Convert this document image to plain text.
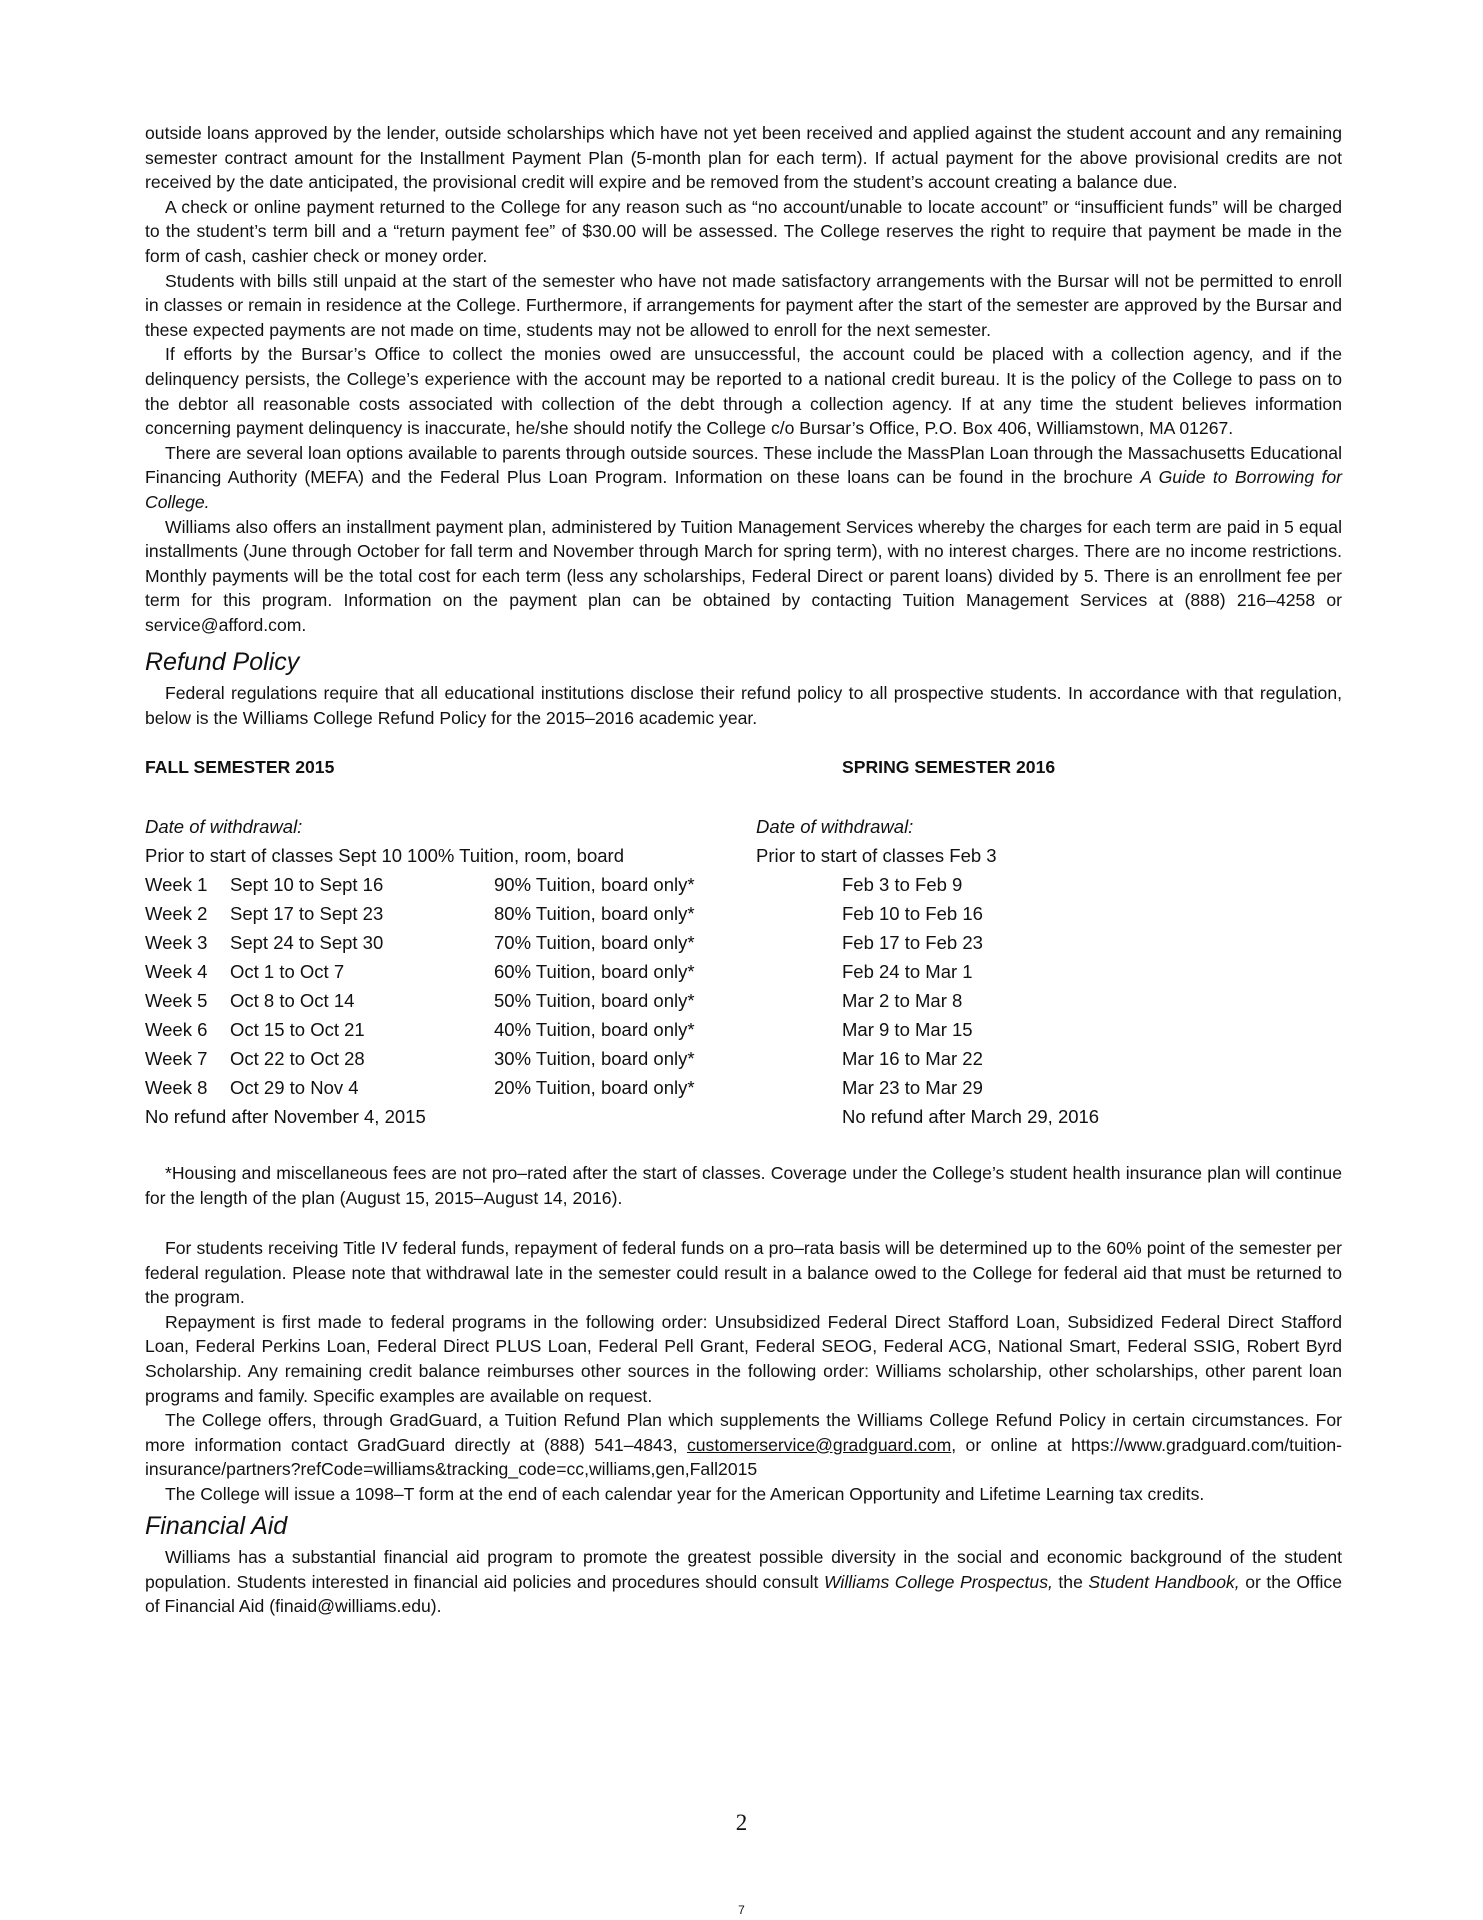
outside loans approved by the lender, outside scholarships which have not yet been received and applied against the student account and any remaining semester contract amount for the Installment Payment Plan (5-month plan for each term). If actual payment for the above provisional credits are not received by the date anticipated, the provisional credit will expire and be removed from the student’s account creating a balance due.

A check or online payment returned to the College for any reason such as “no account/unable to locate account” or “insufficient funds” will be charged to the student’s term bill and a “return payment fee” of $30.00 will be assessed. The College reserves the right to require that payment be made in the form of cash, cashier check or money order.

Students with bills still unpaid at the start of the semester who have not made satisfactory arrangements with the Bursar will not be permitted to enroll in classes or remain in residence at the College. Furthermore, if arrangements for payment after the start of the semester are approved by the Bursar and these expected payments are not made on time, students may not be allowed to enroll for the next semester.

If efforts by the Bursar’s Office to collect the monies owed are unsuccessful, the account could be placed with a collection agency, and if the delinquency persists, the College’s experience with the account may be reported to a national credit bureau. It is the policy of the College to pass on to the debtor all reasonable costs associated with collection of the debt through a collection agency. If at any time the student believes information concerning payment delinquency is inaccurate, he/she should notify the College c/o Bursar’s Office, P.O. Box 406, Williamstown, MA 01267.

There are several loan options available to parents through outside sources. These include the MassPlan Loan through the Massachusetts Educational Financing Authority (MEFA) and the Federal Plus Loan Program. Information on these loans can be found in the brochure A Guide to Borrowing for College.

Williams also offers an installment payment plan, administered by Tuition Management Services whereby the charges for each term are paid in 5 equal installments (June through October for fall term and November through March for spring term), with no interest charges. There are no income restrictions. Monthly payments will be the total cost for each term (less any scholarships, Federal Direct or parent loans) divided by 5. There is an enrollment fee per term for this program. Information on the payment plan can be obtained by contacting Tuition Management Services at (888) 216–4258 or service@afford.com.

Refund Policy

Federal regulations require that all educational institutions disclose their refund policy to all prospective students. In accordance with that regulation, below is the Williams College Refund Policy for the 2015–2016 academic year.

FALL SEMESTER 2015	SPRING SEMESTER 2016
Date of withdrawal:	Date of withdrawal:
Prior to start of classes Sept 10 100% Tuition, room, board	Prior to start of classes Feb 3
Week 1 Sept 10 to Sept 16	90% Tuition, board only*	Feb 3 to Feb 9
Week 2 Sept 17 to Sept 23	80% Tuition, board only*	Feb 10 to Feb 16
Week 3 Sept 24 to Sept 30	70% Tuition, board only*	Feb 17 to Feb 23
Week 4 Oct 1 to Oct 7	60% Tuition, board only*	Feb 24 to Mar 1
Week 5 Oct 8 to Oct 14	50% Tuition, board only*	Mar 2 to Mar 8
Week 6 Oct 15 to Oct 21	40% Tuition, board only*	Mar 9 to Mar 15
Week 7 Oct 22 to Oct 28	30% Tuition, board only*	Mar 16 to Mar 22
Week 8 Oct 29 to Nov 4	20% Tuition, board only*	Mar 23 to Mar 29
No refund after November 4, 2015	No refund after March 29, 2016

*Housing and miscellaneous fees are not pro–rated after the start of classes. Coverage under the College’s student health insurance plan will continue for the length of the plan (August 15, 2015–August 14, 2016).

For students receiving Title IV federal funds, repayment of federal funds on a pro–rata basis will be determined up to the 60% point of the semester per federal regulation. Please note that withdrawal late in the semester could result in a balance owed to the College for federal aid that must be returned to the program.

Repayment is first made to federal programs in the following order: Unsubsidized Federal Direct Stafford Loan, Subsidized Federal Direct Stafford Loan, Federal Perkins Loan, Federal Direct PLUS Loan, Federal Pell Grant, Federal SEOG, Federal ACG, National Smart, Federal SSIG, Robert Byrd Scholarship. Any remaining credit balance reimburses other sources in the following order: Williams scholarship, other scholarships, other parent loan programs and family. Specific examples are available on request.

The College offers, through GradGuard, a Tuition Refund Plan which supplements the Williams College Refund Policy in certain circumstances. For more information contact GradGuard directly at (888) 541–4843, customerservice@gradguard.com, or online at https://www.gradguard.com/tuition-insurance/partners?refCode=williams&tracking_code=cc,williams,gen,Fall2015

The College will issue a 1098–T form at the end of each calendar year for the American Opportunity and Lifetime Learning tax credits.

Financial Aid

Williams has a substantial financial aid program to promote the greatest possible diversity in the social and economic background of the student population. Students interested in financial aid policies and procedures should consult Williams College Prospectus, the Student Handbook, or the Office of Financial Aid (finaid@williams.edu).

2
7
